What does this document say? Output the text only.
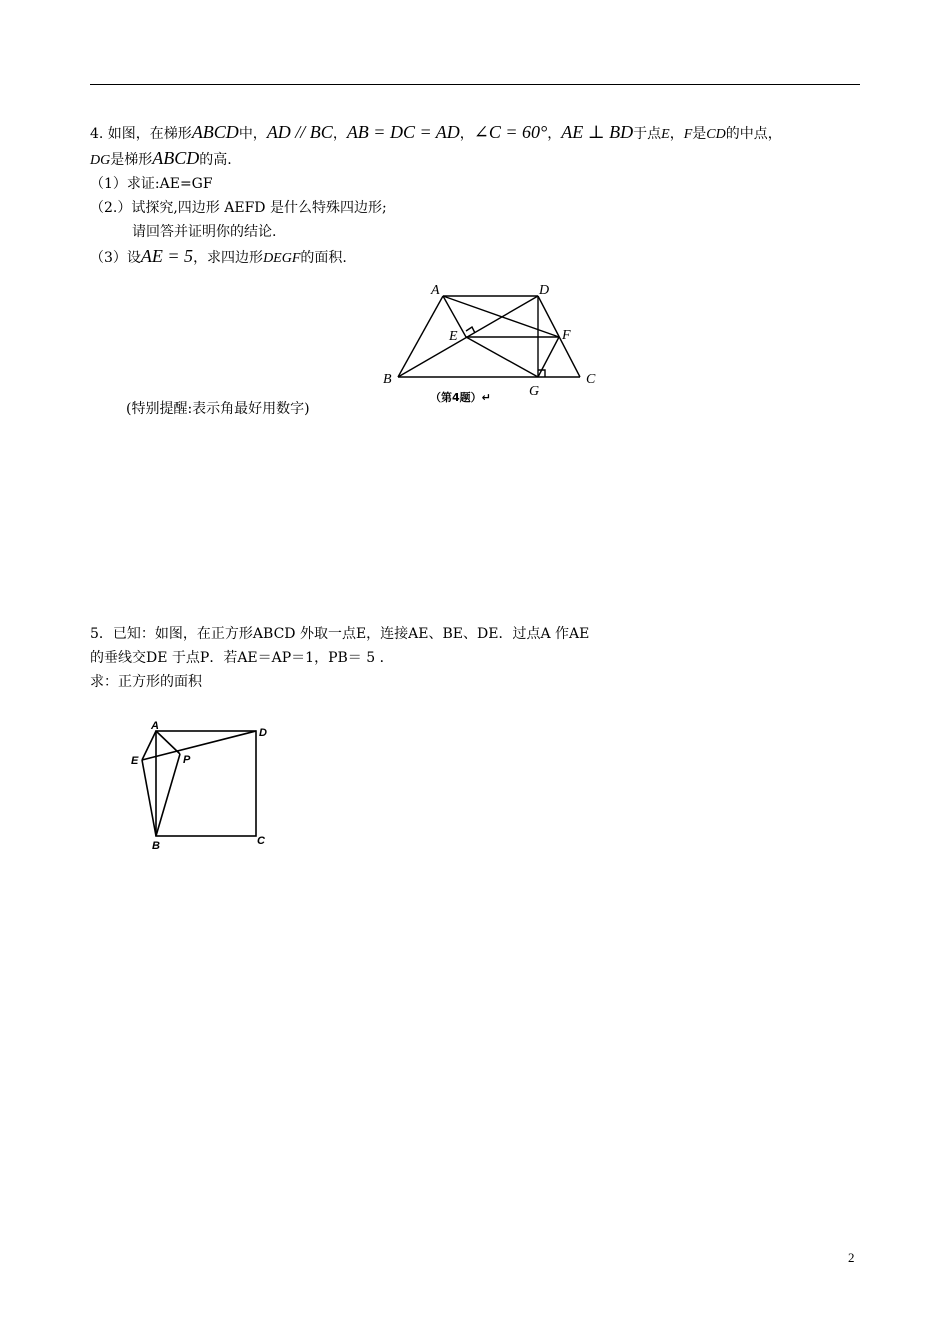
4. 如图，在梯形ABCD中，AD // BC，AB = DC = AD，∠C = 60°，AE ⊥ BD于点E，F是CD的中点，
DG是梯形ABCD的高.
（1）求证:AE=GF
（2.）试探究,四边形 AEFD 是什么特殊四边形;
请回答并证明你的结论.
（3）设AE = 5，求四边形DEGF的面积.
A	D
E	F
B
G
C
（第4题）↵
(特别提醒:表示角最好用数字)
5．已知：如图，在正方形ABCD 外取一点E，连接AE、BE、DE．过点A 作AE
的垂线交DE 于点P．若AE＝AP＝1，PB＝ 5 ．
求：正方形的面积
A
D
E	P
B	C
2
